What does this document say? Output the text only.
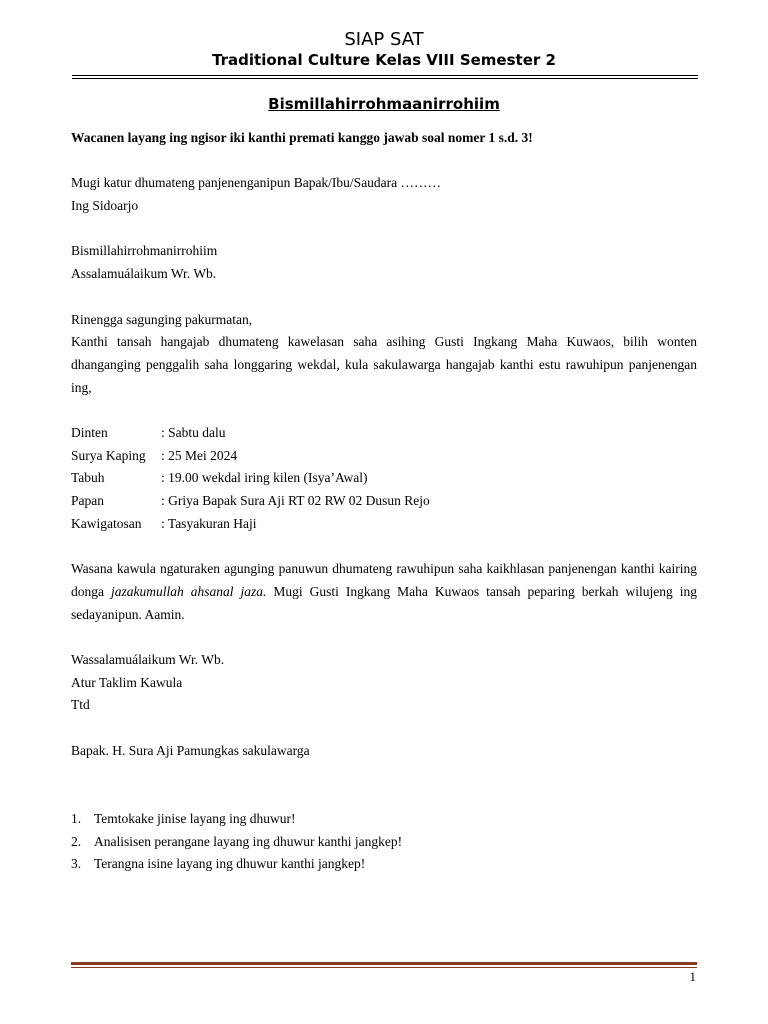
SIAP SAT
Traditional Culture Kelas VIII Semester 2
Bismillahirrohmaanirrohiim

Wacanen layang ing ngisor iki kanthi premati kanggo jawab soal nomer 1 s.d. 3!

Mugi katur dhumateng panjenenganipun Bapak/Ibu/Saudara ………

Ing Sidoarjo

Bismillahirrohmanirrohiim

Assalamuálaikum Wr. Wb.

Rinengga sagunging pakurmatan,

Kanthi tansah hangajab dhumateng kawelasan saha asihing Gusti Ingkang Maha Kuwaos, bilih wonten dhanganging penggalih saha longgaring wekdal, kula sakulawarga hangajab kanthi estu rawuhipun panjenengan ing,

Dinten	: Sabtu dalu
Surya Kaping	: 25 Mei 2024
Tabuh	: 19.00 wekdal iring kilen (Isya’Awal)
Papan	: Griya Bapak Sura Aji RT 02 RW 02 Dusun Rejo
Kawigatosan	: Tasyakuran Haji

Wasana kawula ngaturaken agunging panuwun dhumateng rawuhipun saha kaikhlasan panjenengan kanthi kairing donga jazakumullah ahsanal jaza. Mugi Gusti Ingkang Maha Kuwaos tansah peparing berkah wilujeng ing sedayanipun. Aamin.

Wassalamuálaikum Wr. Wb.

Atur Taklim Kawula

Ttd

Bapak. H. Sura Aji Pamungkas sakulawarga

1. Temtokake jinise layang ing dhuwur!
2. Analisisen perangane layang ing dhuwur kanthi jangkep!
3. Terangna isine layang ing dhuwur kanthi jangkep!
1
